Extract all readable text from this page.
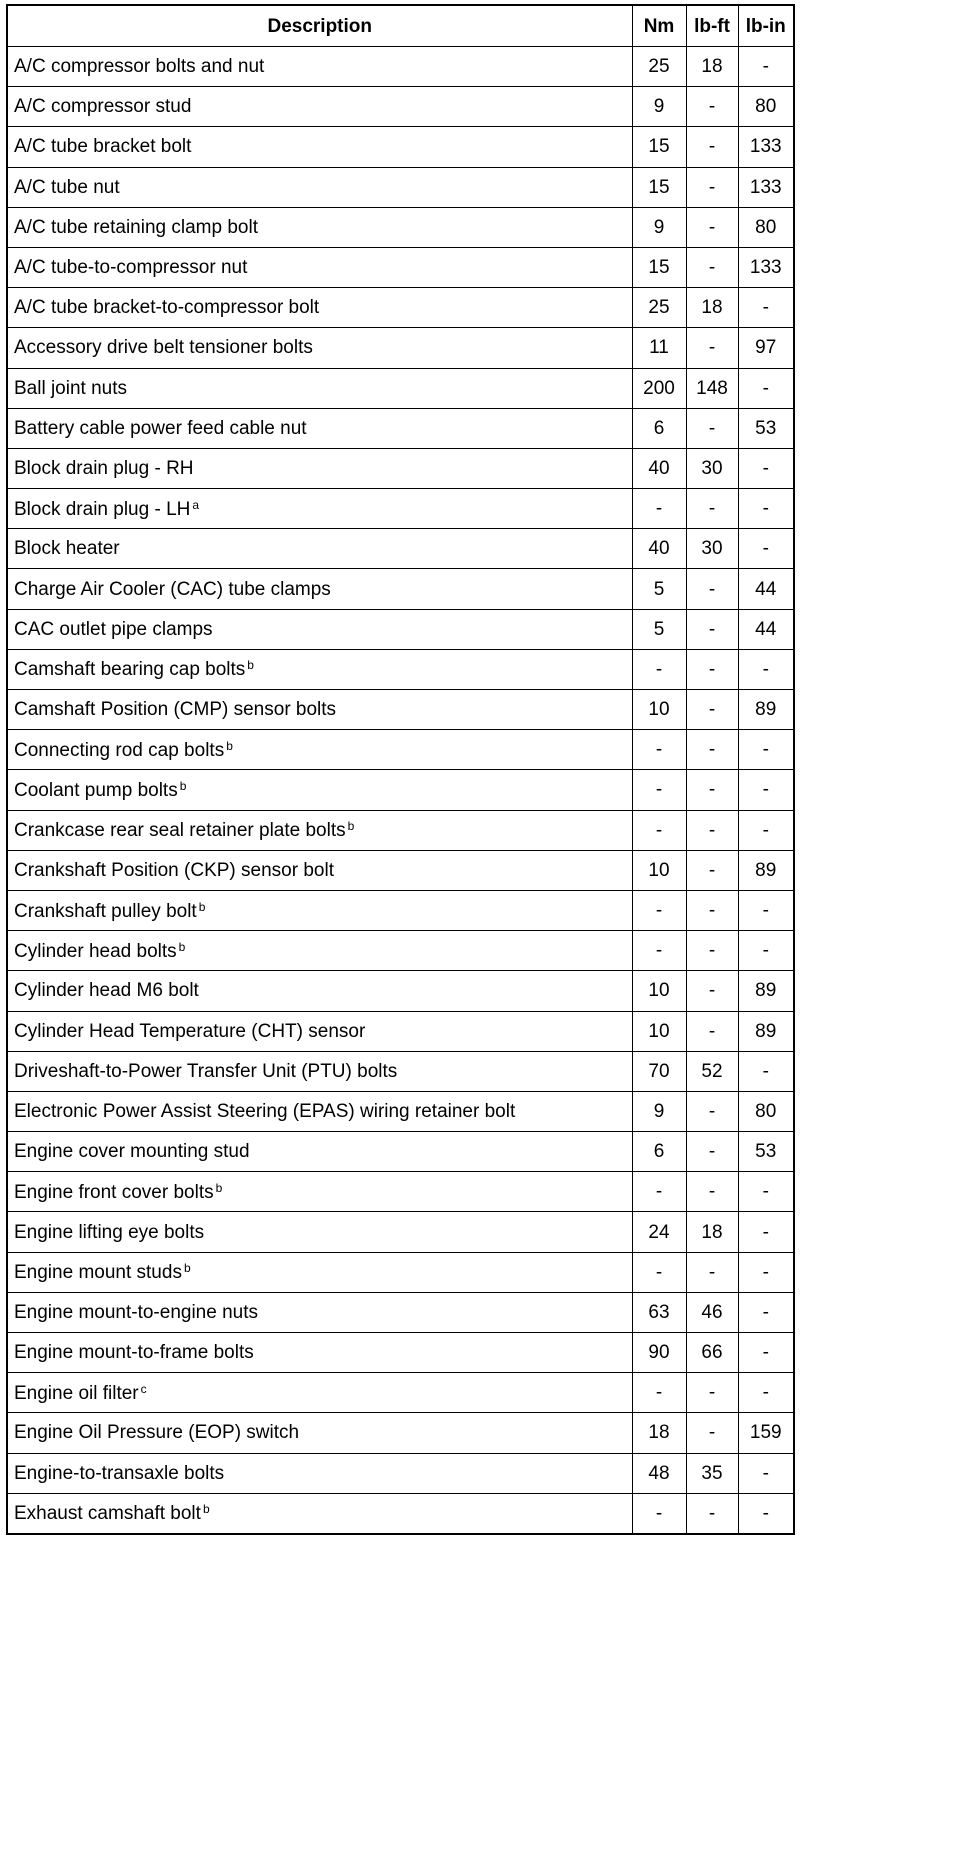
Description	Nm	lb-ft	lb-in
A/C compressor bolts and nut	25	18	-
A/C compressor stud	9	-	80
A/C tube bracket bolt	15	-	133
A/C tube nut	15	-	133
A/C tube retaining clamp bolt	9	-	80
A/C tube-to-compressor nut	15	-	133
A/C tube bracket-to-compressor bolt	25	18	-
Accessory drive belt tensioner bolts	11	-	97
Ball joint nuts	200	148	-
Battery cable power feed cable nut	6	-	53
Block drain plug - RH	40	30	-
Block drain plug - LH $^a$	-	-	-
Block heater	40	30	-
Charge Air Cooler (CAC) tube clamps	5	-	44
CAC outlet pipe clamps	5	-	44
Camshaft bearing cap bolts $^b$	-	-	-
Camshaft Position (CMP) sensor bolts	10	-	89
Connecting rod cap bolts $^b$	-	-	-
Coolant pump bolts $^b$	-	-	-
Crankcase rear seal retainer plate bolts $^b$	-	-	-
Crankshaft Position (CKP) sensor bolt	10	-	89
Crankshaft pulley bolt $^b$	-	-	-
Cylinder head bolts $^b$	-	-	-
Cylinder head M6 bolt	10	-	89
Cylinder Head Temperature (CHT) sensor	10	-	89
Driveshaft-to-Power Transfer Unit (PTU) bolts	70	52	-
Electronic Power Assist Steering (EPAS) wiring retainer bolt	9	-	80
Engine cover mounting stud	6	-	53
Engine front cover bolts $^b$	-	-	-
Engine lifting eye bolts	24	18	-
Engine mount studs $^b$	-	-	-
Engine mount-to-engine nuts	63	46	-
Engine mount-to-frame bolts	90	66	-
Engine oil filter $^c$	-	-	-
Engine Oil Pressure (EOP) switch	18	-	159
Engine-to-transaxle bolts	48	35	-
Exhaust camshaft bolt $^b$	-	-	-
